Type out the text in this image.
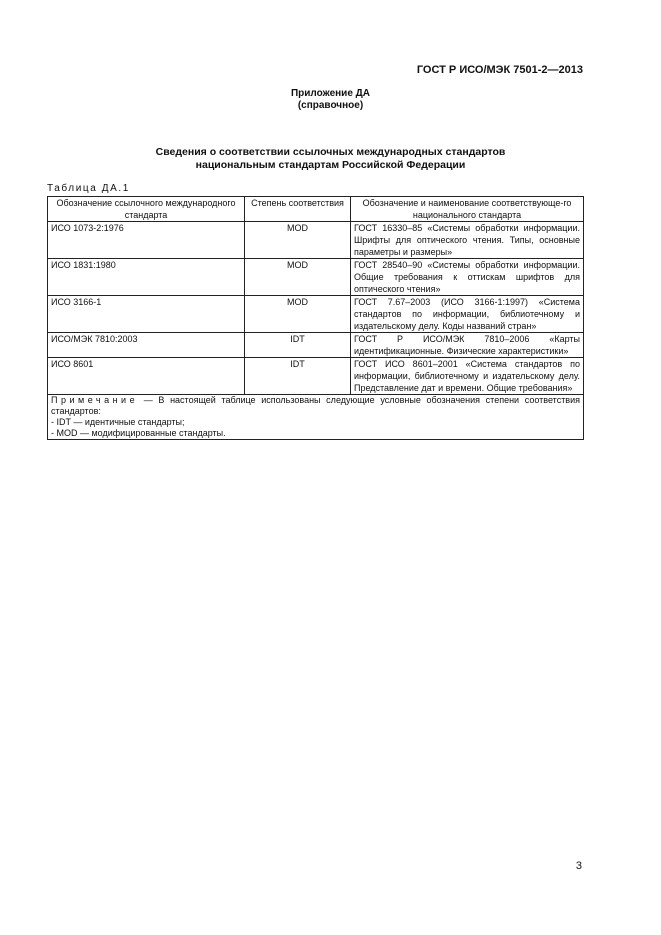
ГОСТ Р ИСО/МЭК 7501-2—2013
Приложение ДА
(справочное)
Сведения о соответствии ссылочных международных стандартов
национальным стандартам Российской Федерации
Таблица ДА.1
Обозначение ссылочного международного стандарта	Степень соответствия	Обозначение и наименование соответствующе-го национального стандарта
ИСО 1073-2:1976	MOD	ГОСТ 16330–85 «Системы обработки информации. Шрифты для оптического чтения. Типы, основные параметры и размеры»
ИСО 1831:1980	MOD	ГОСТ 28540–90 «Системы обработки информации. Общие требования к оттискам шрифтов для оптического чтения»
ИСО 3166-1	MOD	ГОСТ 7.67–2003 (ИСО 3166-1:1997) «Система стандартов по информации, библиотечному и издательскому делу. Коды названий стран»
ИСО/МЭК 7810:2003	IDT	ГОСТ Р ИСО/МЭК 7810–2006 «Карты идентификационные. Физические характеристики»
ИСО 8601	IDT	ГОСТ ИСО 8601–2001 «Система стандартов по информации, библиотечному и издательскому делу. Представление дат и времени. Общие требования»
Примечание — В настоящей таблице использованы следующие условные обозначения степени соответствия стандартов:
- IDT — идентичные стандарты;
- MOD — модифицированные стандарты.		
3
